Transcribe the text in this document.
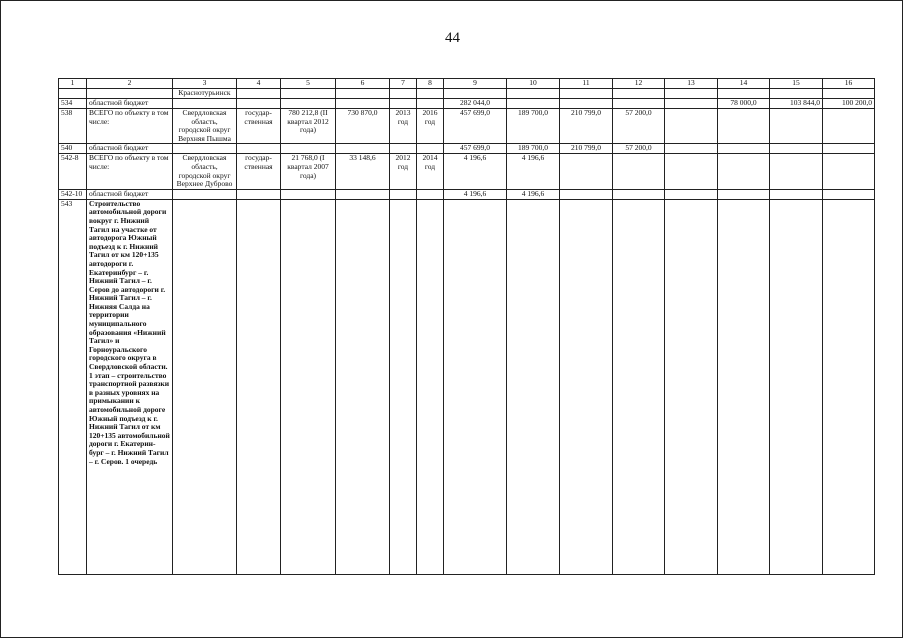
44
1	2	3	4	5	6	7	8	9	10	11	12	13	14	15	16
		Краснотурьинск													
534	областной бюджет							282 044,0					78 000,0	103 844,0	100 200,0
538	ВСЕГО по объекту в том числе:	Свердловская область, городской округ Верхняя Пышма	государ-ственная	780 212,8 (II квартал 2012 года)	730 870,0	2013 год	2016 год	457 699,0	189 700,0	210 799,0	57 200,0				
540	областной бюджет							457 699,0	189 700,0	210 799,0	57 200,0				
542-8	ВСЕГО по объекту в том числе:	Свердловская область, городской округ Верхнее Дуброво	государ-ственная	21 768,0 (I квартал 2007 года)	33 148,6	2012 год	2014 год	4 196,6	4 196,6						
542-10	областной бюджет							4 196,6	4 196,6						
543	Строительство автомобильной дороги вокруг г. Нижний Тагил на участке от автодорога Южный подъезд к г. Нижний Тагил от км 120+135 автодороги г. Екатеринбург – г. Нижний Тагил – г. Серов до автодороги г. Нижний Тагил – г. Нижняя Салда на территории муниципального образования «Нижний Тагил» и Горноуральского городского округа в Свердловской области. 1 этап – строительство транспортной развязки в разных уровнях на примыкании к автомобильной дороге Южный подъезд к г. Нижний Тагил от км 120+135 автомобильной дороги г. Екатерин-бург – г. Нижний Тагил – г. Серов. 1 очередь														
